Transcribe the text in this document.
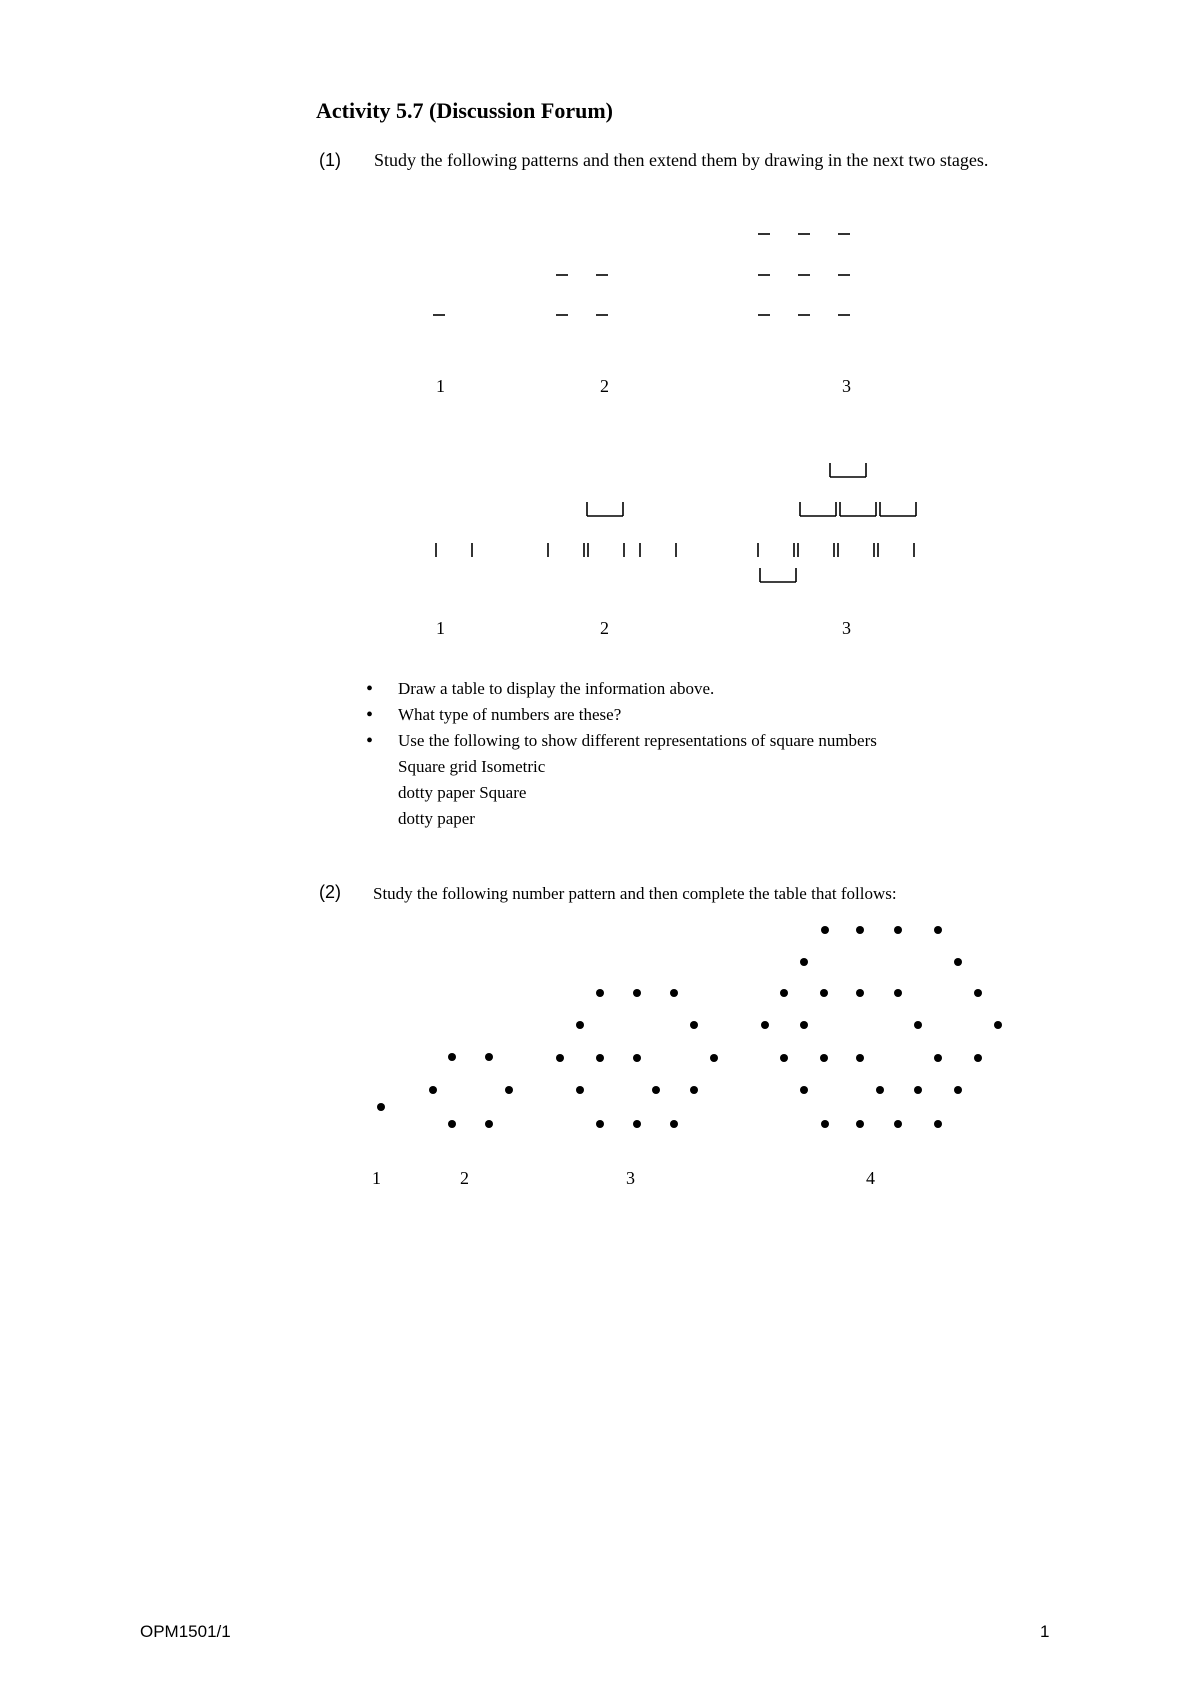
Activity 5.7 (Discussion Forum)
(1) Study the following patterns and then extend them by drawing in the next two stages.
1	2	3
1	2	3
• Draw a table to display the information above.
• What type of numbers are these?
• Use the following to show different representations of square numbers
Square grid Isometric
dotty paper Square
dotty paper
(2) Study the following number pattern and then complete the table that follows:
1	2	3	4
OPM1501/1	1
